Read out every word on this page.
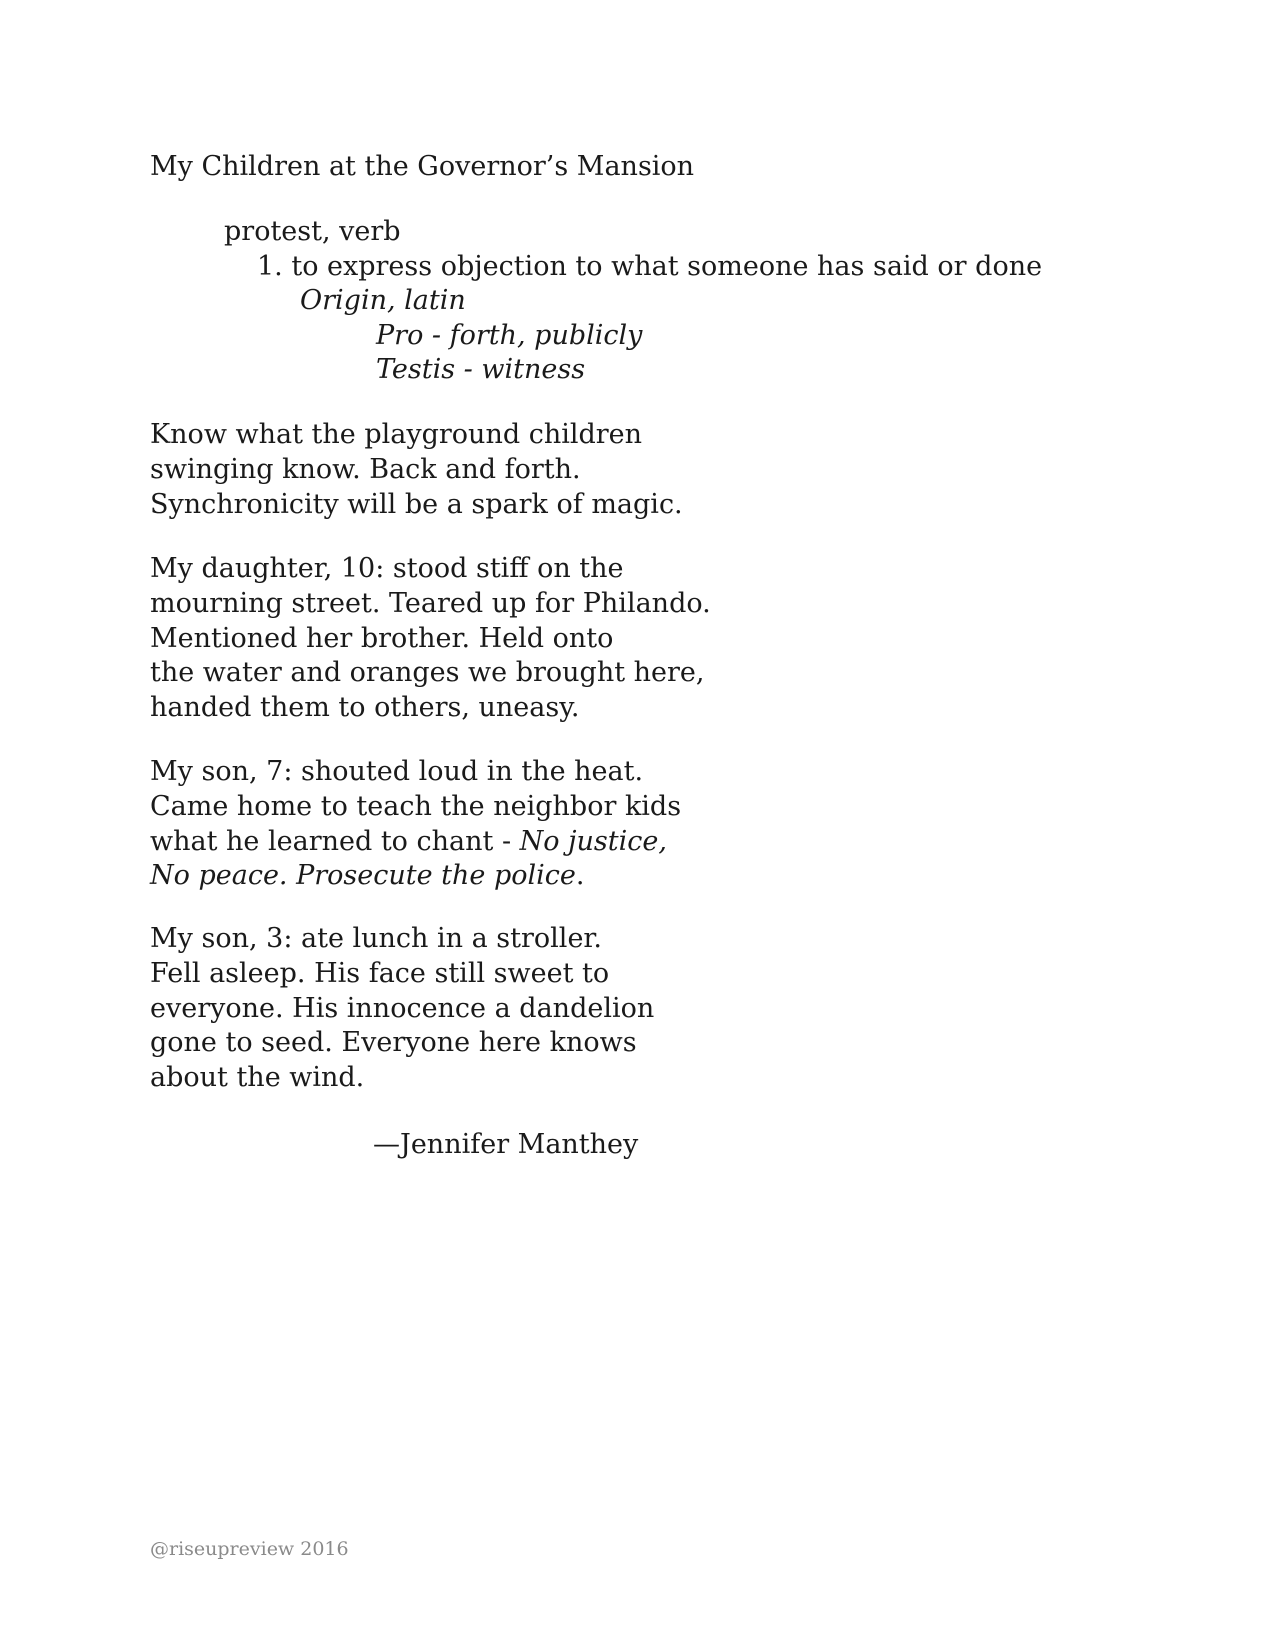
My Children at the Governor’s Mansion
protest, verb
1. to express objection to what someone has said or done
Origin, latin
Pro - forth, publicly
Testis - witness
Know what the playground children
swinging know. Back and forth.
Synchronicity will be a spark of magic.
My daughter, 10: stood stiff on the
mourning street. Teared up for Philando.
Mentioned her brother. Held onto
the water and oranges we brought here,
handed them to others, uneasy.
My son, 7: shouted loud in the heat.
Came home to teach the neighbor kids
what he learned to chant - No justice,
No peace. Prosecute the police.
My son, 3: ate lunch in a stroller.
Fell asleep. His face still sweet to
everyone. His innocence a dandelion
gone to seed. Everyone here knows
about the wind.
—Jennifer Manthey
@riseupreview 2016
